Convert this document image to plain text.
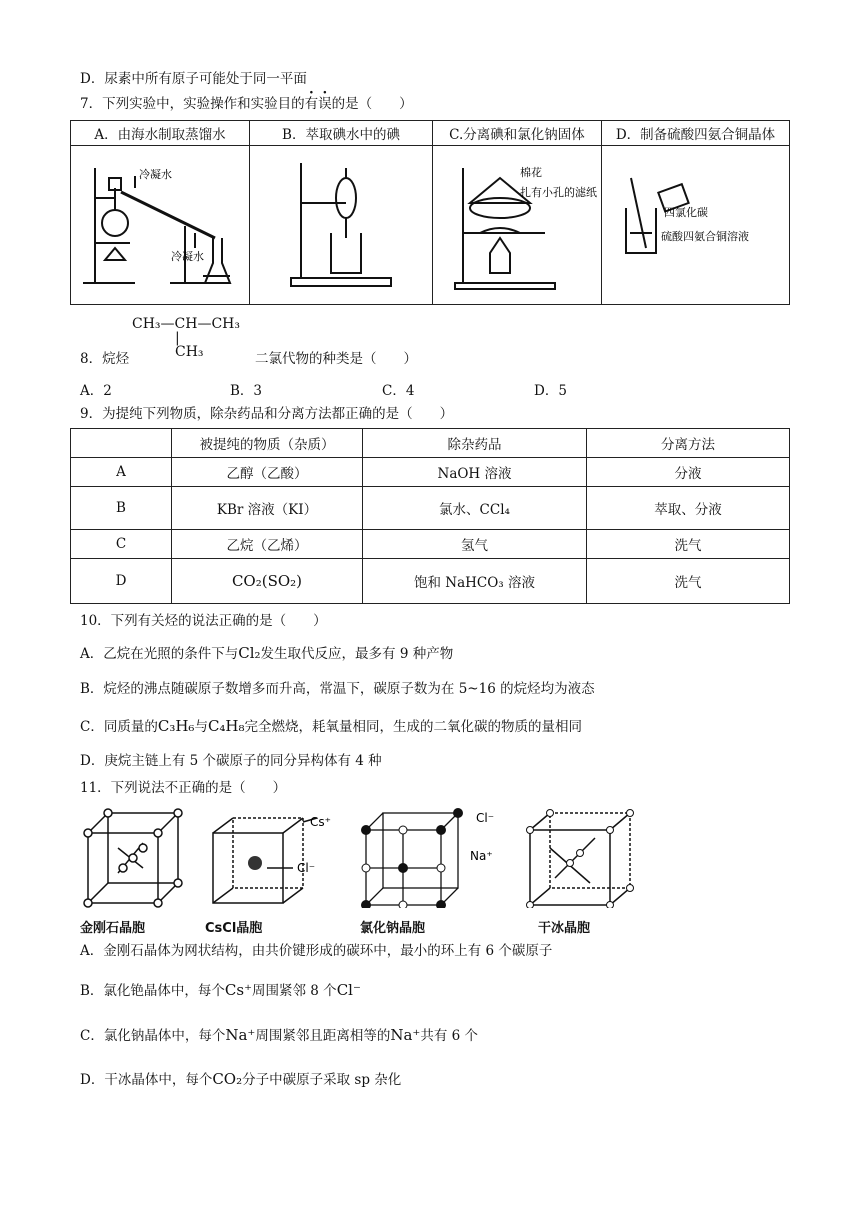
D．尿素中所有原子可能处于同一平面
7．下列实验中，实验操作和实验目的有误的是（　　）
A．由海水制取蒸馏水	B．萃取碘水中的碘	C.分离碘和氯化钠固体	D．制备硫酸四氨合铜晶体

冷凝水
冷凝水		棉花
扎有小孔的滤纸	四氯化碳
硫酸四氨合铜溶液
CH₃—CH—CH₃
|
CH₃
8．烷烃	二氯代物的种类是（　　）
A．2	B．3	C．4	D．5
9．为提纯下列物质，除杂药品和分离方法都正确的是（　　）
	被提纯的物质（杂质）	除杂药品	分离方法
A	乙醇（乙酸）	NaOH 溶液	分液
B	KBr 溶液（KI）	氯水、CCl₄	萃取、分液
C	乙烷（乙烯）	氢气	洗气
D	CO₂(SO₂)	饱和 NaHCO₃ 溶液	洗气
10．下列有关烃的说法正确的是（　　）
A．乙烷在光照的条件下与Cl₂发生取代反应，最多有 9 种产物
B．烷烃的沸点随碳原子数增多而升高，常温下，碳原子数为在 5~16 的烷烃均为液态
C．同质量的C₃H₆与C₄H₈完全燃烧，耗氧量相同，生成的二氧化碳的物质的量相同
D．庚烷主链上有 5 个碳原子的同分异构体有 4 种
11．下列说法不正确的是（　　）
金刚石晶胞
Cs⁺
Cl⁻
CsCl晶胞
Cl⁻
Na⁺
氯化钠晶胞	干冰晶胞
A．金刚石晶体为网状结构，由共价键形成的碳环中，最小的环上有 6 个碳原子
B．氯化铯晶体中，每个Cs⁺周围紧邻 8 个Cl⁻
C．氯化钠晶体中，每个Na⁺周围紧邻且距离相等的Na⁺共有 6 个
D．干冰晶体中，每个CO₂分子中碳原子采取 sp 杂化
